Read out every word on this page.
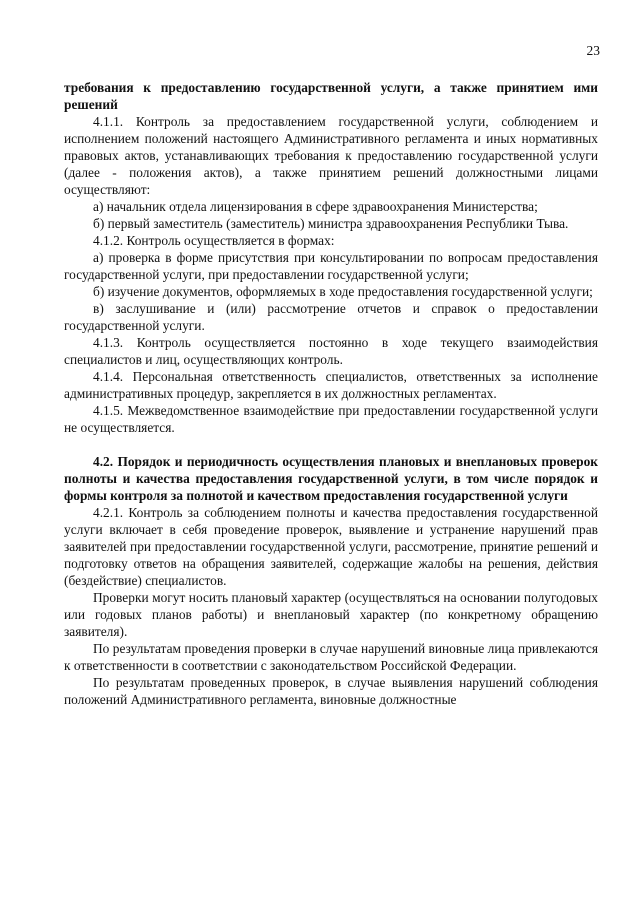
23

требования к предоставлению государственной услуги, а также принятием ими решений

4.1.1. Контроль за предоставлением государственной услуги, соблюдением и исполнением положений настоящего Административного регламента и иных нормативных правовых актов, устанавливающих требования к предоставлению государственной услуги (далее - положения актов), а также принятием решений должностными лицами осуществляют:

а) начальник отдела лицензирования в сфере здравоохранения Министерства;

б) первый заместитель (заместитель) министра здравоохранения Республики Тыва.

4.1.2. Контроль осуществляется в формах:

а) проверка в форме присутствия при консультировании по вопросам предоставления государственной услуги, при предоставлении государственной услуги;

б) изучение документов, оформляемых в ходе предоставления государственной услуги;

в) заслушивание и (или) рассмотрение отчетов и справок о предоставлении государственной услуги.

4.1.3. Контроль осуществляется постоянно в ходе текущего взаимодействия специалистов и лиц, осуществляющих контроль.

4.1.4. Персональная ответственность специалистов, ответственных за исполнение административных процедур, закрепляется в их должностных регламентах.

4.1.5. Межведомственное взаимодействие при предоставлении государственной услуги не осуществляется.

4.2. Порядок и периодичность осуществления плановых и внеплановых проверок полноты и качества предоставления государственной услуги, в том числе порядок и формы контроля за полнотой и качеством предоставления государственной услуги

4.2.1. Контроль за соблюдением полноты и качества предоставления государственной услуги включает в себя проведение проверок, выявление и устранение нарушений прав заявителей при предоставлении государственной услуги, рассмотрение, принятие решений и подготовку ответов на обращения заявителей, содержащие жалобы на решения, действия (бездействие) специалистов.

Проверки могут носить плановый характер (осуществляться на основании полугодовых или годовых планов работы) и внеплановый характер (по конкретному обращению заявителя).

По результатам проведения проверки в случае нарушений виновные лица привлекаются к ответственности в соответствии с законодательством Российской Федерации.

По результатам проведенных проверок, в случае выявления нарушений соблюдения положений Административного регламента, виновные должностные
